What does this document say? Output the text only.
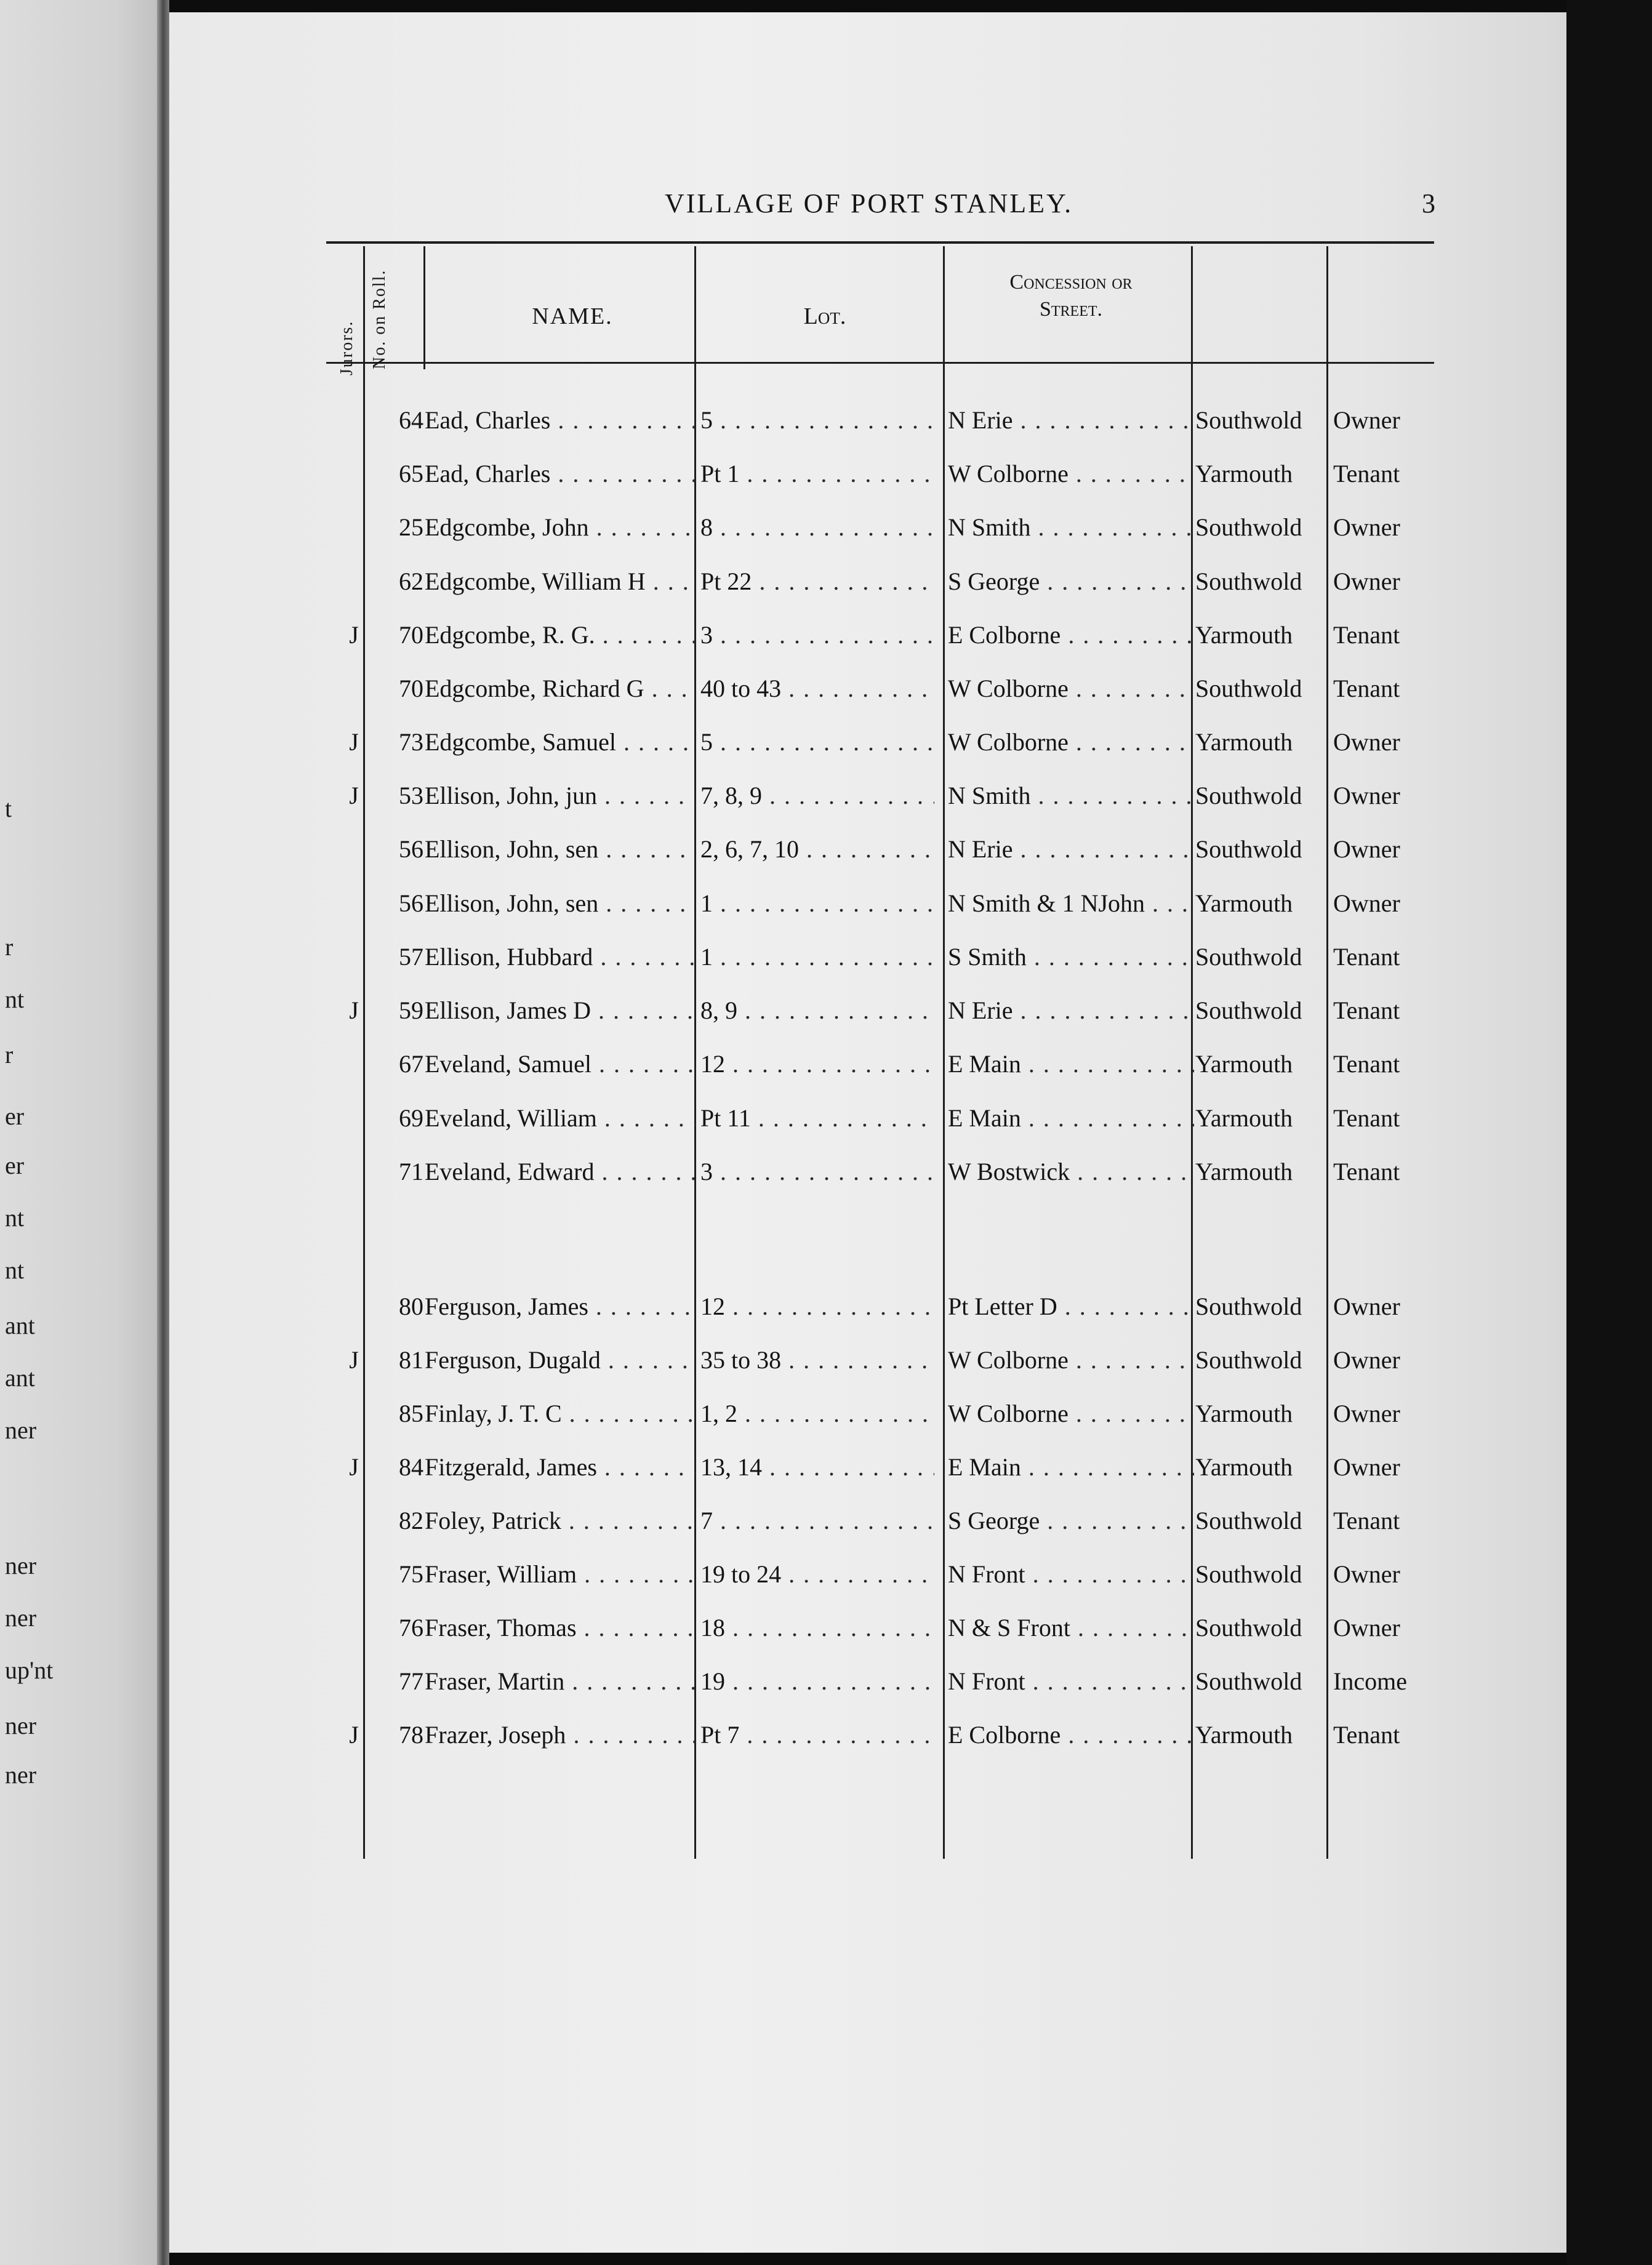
t
r
nt
r
er
er
nt
nt
ant
ant
ner
ner
ner
up'nt
ner
ner
VILLAGE OF PORT STANLEY.	3
Jurors. No. on Roll.	NAME.	Lot.
Concession or
Street.
64 Ead, Charles . . .	5 . . .	N Erie . . .	Southwold	Owner
65 Ead, Charles . . .	Pt 1 . . .	W Colborne . . .	Yarmouth	Tenant
25 Edgcombe, John . . .	8 . . .	N Smith . . .	Southwold	Owner
62 Edgcombe, William H . . .	Pt 22 . . .	S George . . .	Southwold	Owner
J	70 Edgcombe, R. G. . . .	3 . . .	E Colborne . . .	Yarmouth	Tenant
70 Edgcombe, Richard G . . .	40 to 43 . . .	W Colborne . . .	Southwold	Tenant
J	73 Edgcombe, Samuel . . .	5 . . .	W Colborne . . .	Yarmouth	Owner
J	53 Ellison, John, jun . . .	7, 8, 9 . . .	N Smith . . .	Southwold	Owner
56 Ellison, John, sen . . .	2, 6, 7, 10 . . .	N Erie . . .	Southwold	Owner
56 Ellison, John, sen . . .	1 . . .	N Smith & 1 NJohn . . .	Yarmouth	Owner
57 Ellison, Hubbard . . .	1 . . .	S Smith . . .	Southwold	Tenant
J	59 Ellison, James D . . .	8, 9 . . .	N Erie . . .	Southwold	Tenant
67 Eveland, Samuel . . .	12 . . .	E Main . . .	Yarmouth	Tenant
69 Eveland, William . . .	Pt 11 . . .	E Main . . .	Yarmouth	Tenant
71 Eveland, Edward . . .	3 . . .	W Bostwick . . .	Yarmouth	Tenant
80 Ferguson, James . . .	12 . . .	Pt Letter D . . .	Southwold	Owner
J	81 Ferguson, Dugald . . .	35 to 38 . . .	W Colborne . . .	Southwold	Owner
85 Finlay, J. T. C . . .	1, 2 . . .	W Colborne . . .	Yarmouth	Owner
J	84 Fitzgerald, James . . .	13, 14 . . .	E Main . . .	Yarmouth	Owner
82 Foley, Patrick . . .	7 . . .	S George . . .	Southwold	Tenant
75 Fraser, William . . .	19 to 24 . . .	N Front . . .	Southwold	Owner
76 Fraser, Thomas . . .	18 . . .	N & S Front . . .	Southwold	Owner
77 Fraser, Martin . . .	19 . . .	N Front . . .	Southwold	Income
J	78 Frazer, Joseph . . .	Pt 7 . . .	E Colborne . . .	Yarmouth	Tenant
